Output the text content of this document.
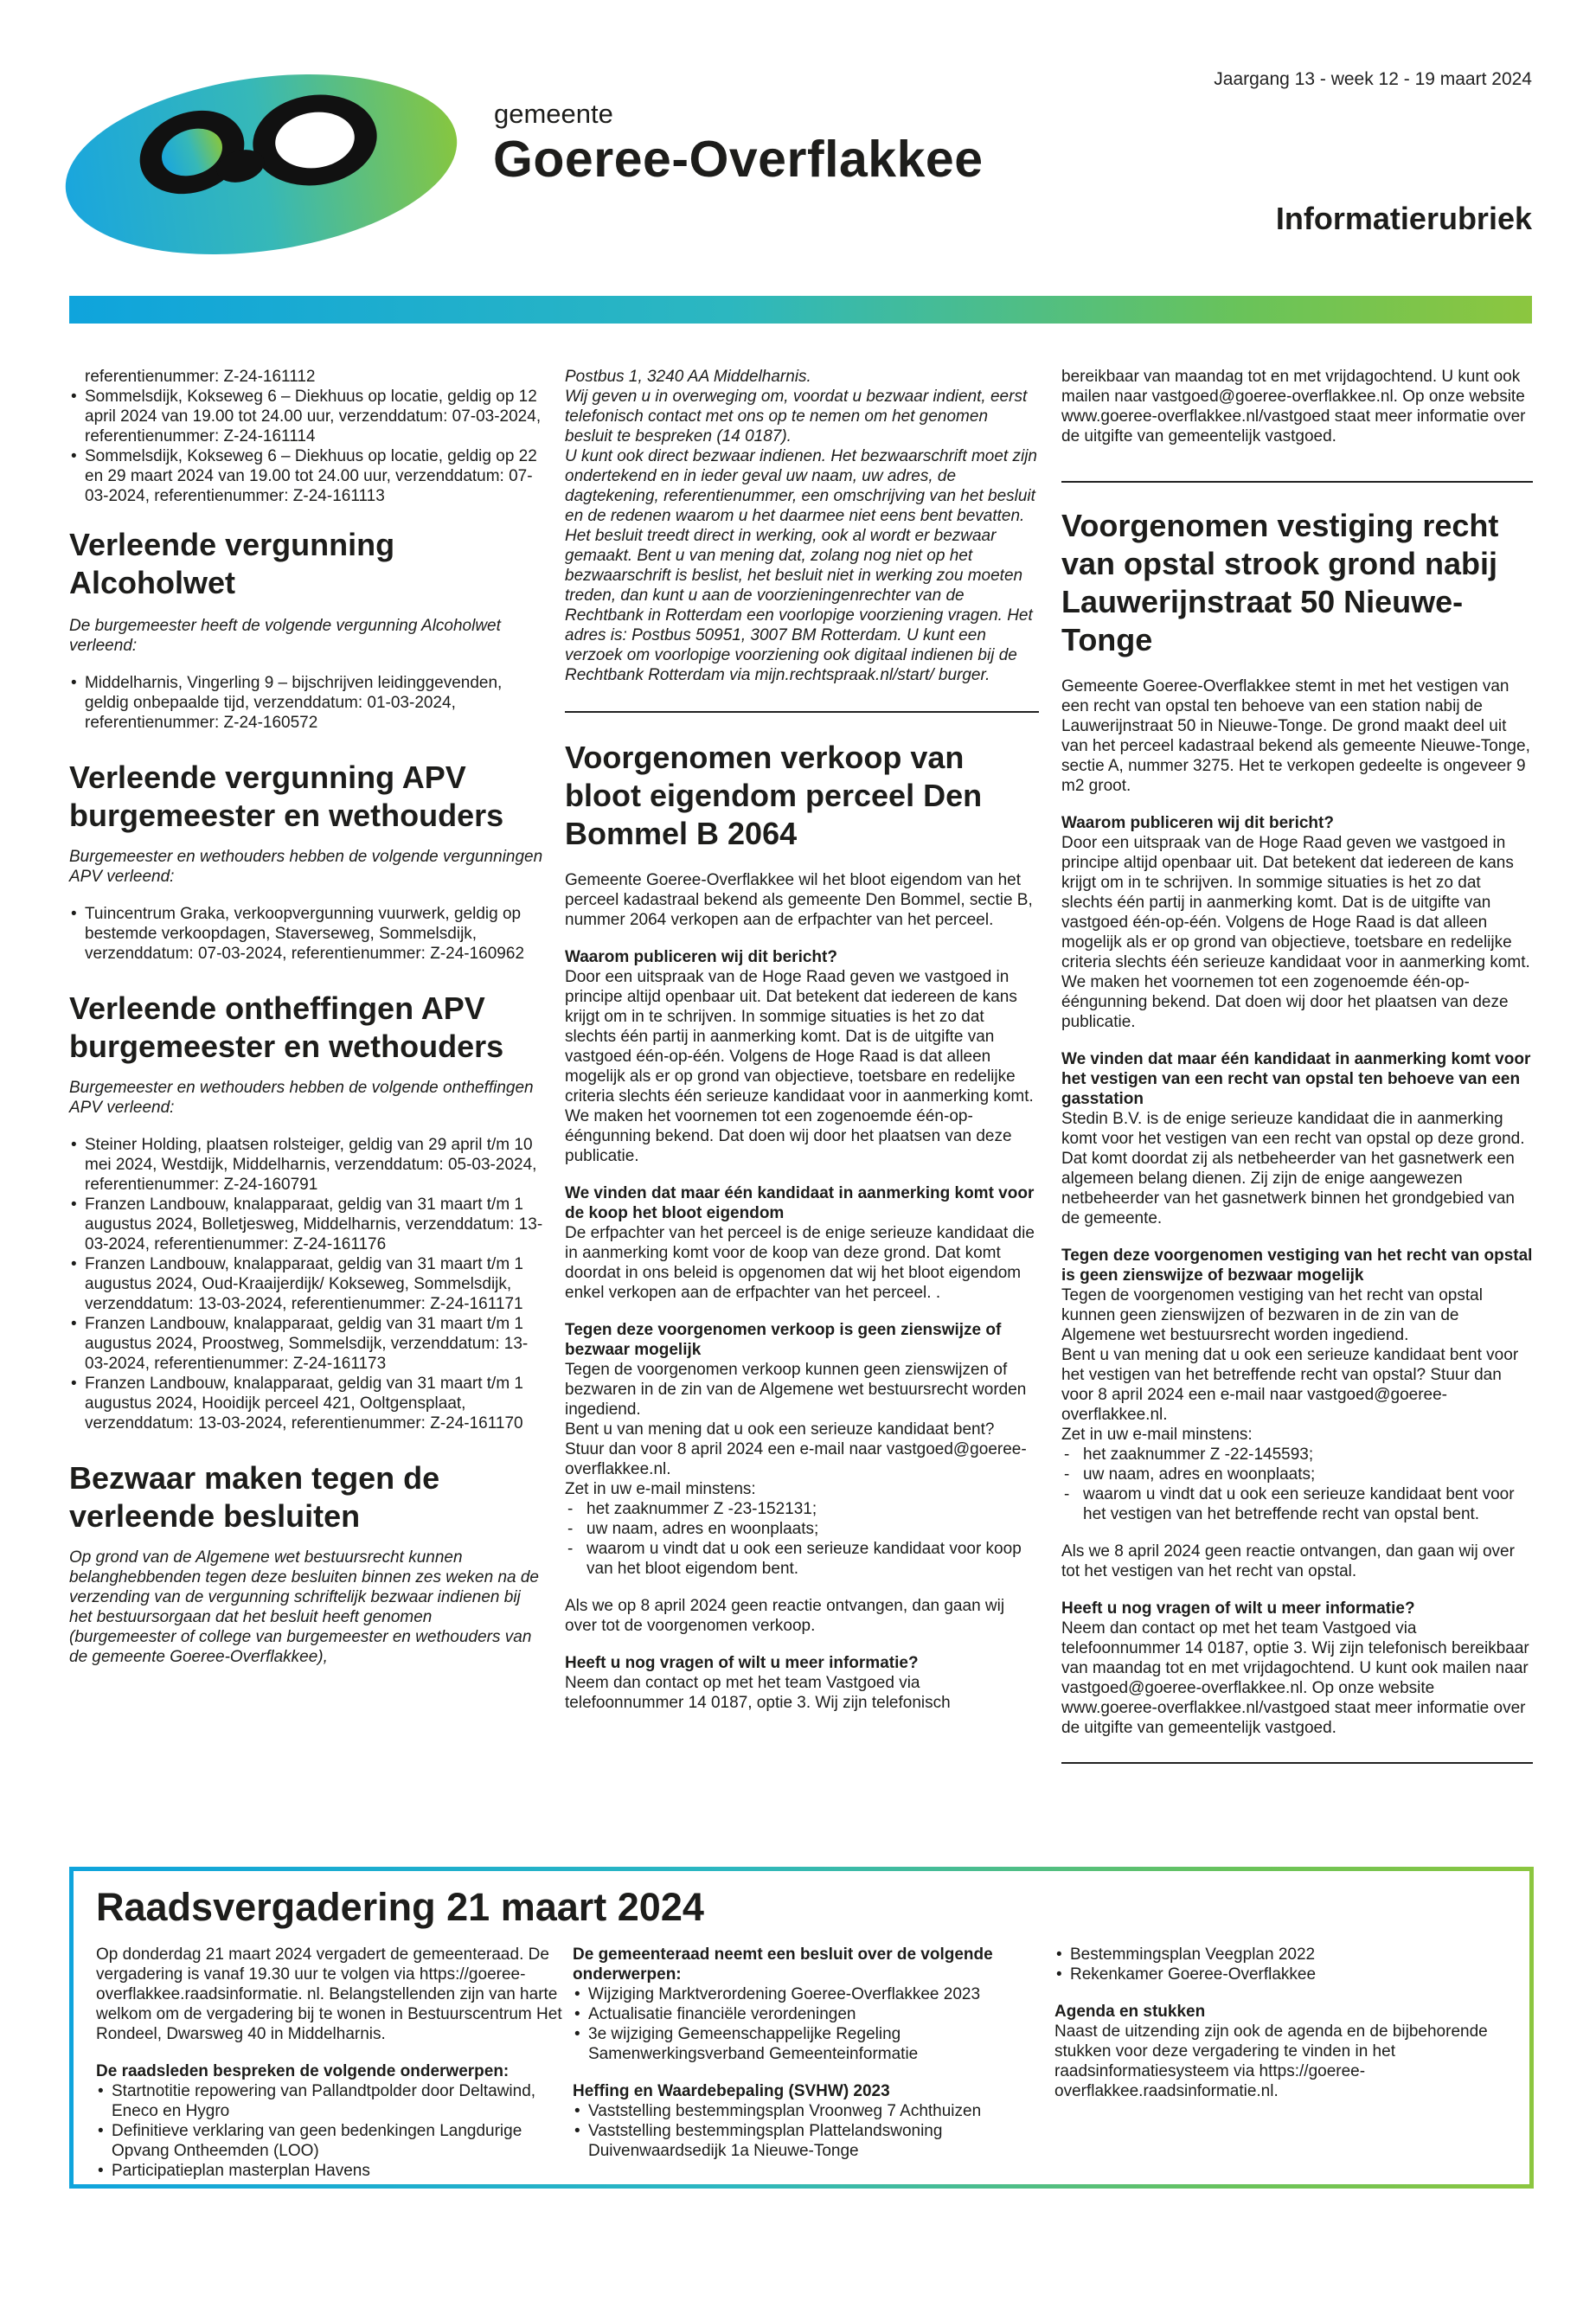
Jaargang 13 - week 12 - 19 maart 2024
gemeente
Goeree-Overflakkee
Informatierubriek

referentienummer: Z-24-161112

• Sommelsdijk, Kokseweg 6 – Diekhuus op locatie, geldig op 12 april 2024 van 19.00 tot 24.00 uur, verzenddatum: 07-03-2024, referentienummer: Z-24-161114
• Sommelsdijk, Kokseweg 6 – Diekhuus op locatie, geldig op 22 en 29 maart 2024 van 19.00 tot 24.00 uur, verzenddatum: 07-03-2024, referentienummer: Z-24-161113
Verleende vergunning Alcoholwet

De burgemeester heeft de volgende vergunning Alcoholwet verleend:

• Middelharnis, Vingerling 9 – bijschrijven leidinggevenden, geldig onbepaalde tijd, verzenddatum: 01-03-2024, referentienummer: Z-24-160572
Verleende vergunning APV burgemeester en wethouders

Burgemeester en wethouders hebben de volgende vergunningen APV verleend:

• Tuincentrum Graka, verkoopvergunning vuurwerk, geldig op bestemde verkoopdagen, Staverseweg, Sommelsdijk, verzenddatum: 07-03-2024, referentienummer: Z-24-160962
Verleende ontheffingen APV burgemeester en wethouders

Burgemeester en wethouders hebben de volgende ontheffingen APV verleend:

• Steiner Holding, plaatsen rolsteiger, geldig van 29 april t/m 10 mei 2024, Westdijk, Middelharnis, verzenddatum: 05-03-2024, referentienummer: Z-24-160791
• Franzen Landbouw, knalapparaat, geldig van 31 maart t/m 1 augustus 2024, Bolletjesweg, Middelharnis, verzenddatum: 13-03-2024, referentienummer: Z-24-161176
• Franzen Landbouw, knalapparaat, geldig van 31 maart t/m 1 augustus 2024, Oud-Kraaijerdijk/ Kokseweg, Sommelsdijk, verzenddatum: 13-03-2024, referentienummer: Z-24-161171
• Franzen Landbouw, knalapparaat, geldig van 31 maart t/m 1 augustus 2024, Proostweg, Sommelsdijk, verzenddatum: 13-03-2024, referentienummer: Z-24-161173
• Franzen Landbouw, knalapparaat, geldig van 31 maart t/m 1 augustus 2024, Hooidijk perceel 421, Ooltgensplaat, verzenddatum: 13-03-2024, referentienummer: Z-24-161170
Bezwaar maken tegen de verleende besluiten

Op grond van de Algemene wet bestuursrecht kunnen belanghebbenden tegen deze besluiten binnen zes weken na de verzending van de vergunning schriftelijk bezwaar indienen bij het bestuursorgaan dat het besluit heeft genomen (burgemeester of college van burgemeester en wethouders van de gemeente Goeree-Overflakkee),

Postbus 1, 3240 AA Middelharnis.

Wij geven u in overweging om, voordat u bezwaar indient, eerst telefonisch contact met ons op te nemen om het genomen besluit te bespreken (14 0187).

U kunt ook direct bezwaar indienen. Het bezwaarschrift moet zijn ondertekend en in ieder geval uw naam, uw adres, de dagtekening, referentienummer, een omschrijving van het besluit en de redenen waarom u het daarmee niet eens bent bevatten.

Het besluit treedt direct in werking, ook al wordt er bezwaar gemaakt. Bent u van mening dat, zolang nog niet op het bezwaarschrift is beslist, het besluit niet in werking zou moeten treden, dan kunt u aan de voorzieningenrechter van de Rechtbank in Rotterdam een voorlopige voorziening vragen. Het adres is: Postbus 50951, 3007 BM Rotterdam. U kunt een verzoek om voorlopige voorziening ook digitaal indienen bij de Rechtbank Rotterdam via mijn.rechtspraak.nl/start/ burger.

Voorgenomen verkoop van bloot eigendom perceel Den Bommel B 2064

Gemeente Goeree-Overflakkee wil het bloot eigendom van het perceel kadastraal bekend als gemeente Den Bommel, sectie B, nummer 2064 verkopen aan de erfpachter van het perceel.

Waarom publiceren wij dit bericht?

Door een uitspraak van de Hoge Raad geven we vastgoed in principe altijd openbaar uit. Dat betekent dat iedereen de kans krijgt om in te schrijven. In sommige situaties is het zo dat slechts één partij in aanmerking komt. Dat is de uitgifte van vastgoed één-op-één. Volgens de Hoge Raad is dat alleen mogelijk als er op grond van objectieve, toetsbare en redelijke criteria slechts één serieuze kandidaat voor in aanmerking komt.

We maken het voornemen tot een zogenoemde één-op-ééngunning bekend. Dat doen wij door het plaatsen van deze publicatie.

We vinden dat maar één kandidaat in aanmerking komt voor de koop het bloot eigendom

De erfpachter van het perceel is de enige serieuze kandidaat die in aanmerking komt voor de koop van deze grond. Dat komt doordat in ons beleid is opgenomen dat wij het bloot eigendom enkel verkopen aan de erfpachter van het perceel. .

Tegen deze voorgenomen verkoop is geen zienswijze of bezwaar mogelijk

Tegen de voorgenomen verkoop kunnen geen zienswijzen of bezwaren in de zin van de Algemene wet bestuursrecht worden ingediend.

Bent u van mening dat u ook een serieuze kandidaat bent? Stuur dan voor 8 april 2024 een e-mail naar vastgoed@goeree-overflakkee.nl.

Zet in uw e-mail minstens:

- het zaaknummer Z -23-152131;
- uw naam, adres en woonplaats;
- waarom u vindt dat u ook een serieuze kandidaat voor koop van het bloot eigendom bent.

Als we op 8 april 2024 geen reactie ontvangen, dan gaan wij over tot de voorgenomen verkoop.

Heeft u nog vragen of wilt u meer informatie?

Neem dan contact op met het team Vastgoed via telefoonnummer 14 0187, optie 3. Wij zijn telefonisch

bereikbaar van maandag tot en met vrijdagochtend. U kunt ook mailen naar vastgoed@goeree-overflakkee.nl. Op onze website www.goeree-overflakkee.nl/vastgoed staat meer informatie over de uitgifte van gemeentelijk vastgoed.

Voorgenomen vestiging recht van opstal strook grond nabij Lauwerijnstraat 50 Nieuwe-Tonge

Gemeente Goeree-Overflakkee stemt in met het vestigen van een recht van opstal ten behoeve van een station nabij de Lauwerijnstraat 50 in Nieuwe-Tonge. De grond maakt deel uit van het perceel kadastraal bekend als gemeente Nieuwe-Tonge, sectie A, nummer 3275. Het te verkopen gedeelte is ongeveer 9 m2 groot.

Waarom publiceren wij dit bericht?

Door een uitspraak van de Hoge Raad geven we vastgoed in principe altijd openbaar uit. Dat betekent dat iedereen de kans krijgt om in te schrijven. In sommige situaties is het zo dat slechts één partij in aanmerking komt. Dat is de uitgifte van vastgoed één-op-één. Volgens de Hoge Raad is dat alleen mogelijk als er op grond van objectieve, toetsbare en redelijke criteria slechts één serieuze kandidaat voor in aanmerking komt.

We maken het voornemen tot een zogenoemde één-op-ééngunning bekend. Dat doen wij door het plaatsen van deze publicatie.

We vinden dat maar één kandidaat in aanmerking komt voor het vestigen van een recht van opstal ten behoeve van een gasstation

Stedin B.V. is de enige serieuze kandidaat die in aanmerking komt voor het vestigen van een recht van opstal op deze grond. Dat komt doordat zij als netbeheerder van het gasnetwerk een algemeen belang dienen. Zij zijn de enige aangewezen netbeheerder van het gasnetwerk binnen het grondgebied van de gemeente.

Tegen deze voorgenomen vestiging van het recht van opstal is geen zienswijze of bezwaar mogelijk

Tegen de voorgenomen vestiging van het recht van opstal kunnen geen zienswijzen of bezwaren in de zin van de Algemene wet bestuursrecht worden ingediend.

Bent u van mening dat u ook een serieuze kandidaat bent voor het vestigen van het betreffende recht van opstal? Stuur dan voor 8 april 2024 een e-mail naar vastgoed@goeree-overflakkee.nl.

Zet in uw e-mail minstens:

- het zaaknummer Z -22-145593;
- uw naam, adres en woonplaats;
- waarom u vindt dat u ook een serieuze kandidaat bent voor het vestigen van het betreffende recht van opstal bent.

Als we 8 april 2024 geen reactie ontvangen, dan gaan wij over tot het vestigen van het recht van opstal.

Heeft u nog vragen of wilt u meer informatie?

Neem dan contact op met het team Vastgoed via telefoonnummer 14 0187, optie 3. Wij zijn telefonisch bereikbaar van maandag tot en met vrijdagochtend. U kunt ook mailen naar vastgoed@goeree-overflakkee.nl. Op onze website www.goeree-overflakkee.nl/vastgoed staat meer informatie over de uitgifte van gemeentelijk vastgoed.

Raadsvergadering 21 maart 2024

Op donderdag 21 maart 2024 vergadert de gemeenteraad. De vergadering is vanaf 19.30 uur te volgen via https://goeree-overflakkee.raadsinformatie. nl. Belangstellenden zijn van harte welkom om de vergadering bij te wonen in Bestuurscentrum Het Rondeel, Dwarsweg 40 in Middelharnis.

De raadsleden bespreken de volgende onderwerpen:

• Startnotitie repowering van Pallandtpolder door Deltawind, Eneco en Hygro
• Definitieve verklaring van geen bedenkingen Langdurige Opvang Ontheemden (LOO)
• Participatieplan masterplan Havens

De gemeenteraad neemt een besluit over de volgende onderwerpen:

• Wijziging Marktverordening Goeree-Overflakkee 2023
• Actualisatie financiële verordeningen
• 3e wijziging Gemeenschappelijke Regeling Samenwerkingsverband Gemeenteinformatie

Heffing en Waardebepaling (SVHW) 2023

• Vaststelling bestemmingsplan Vroonweg 7 Achthuizen
• Vaststelling bestemmingsplan Plattelandswoning Duivenwaardsedijk 1a Nieuwe-Tonge
• Bestemmingsplan Veegplan 2022
• Rekenkamer Goeree-Overflakkee

Agenda en stukken

Naast de uitzending zijn ook de agenda en de bijbehorende stukken voor deze vergadering te vinden in het raadsinformatiesysteem via https://goeree-overflakkee.raadsinformatie.nl.
